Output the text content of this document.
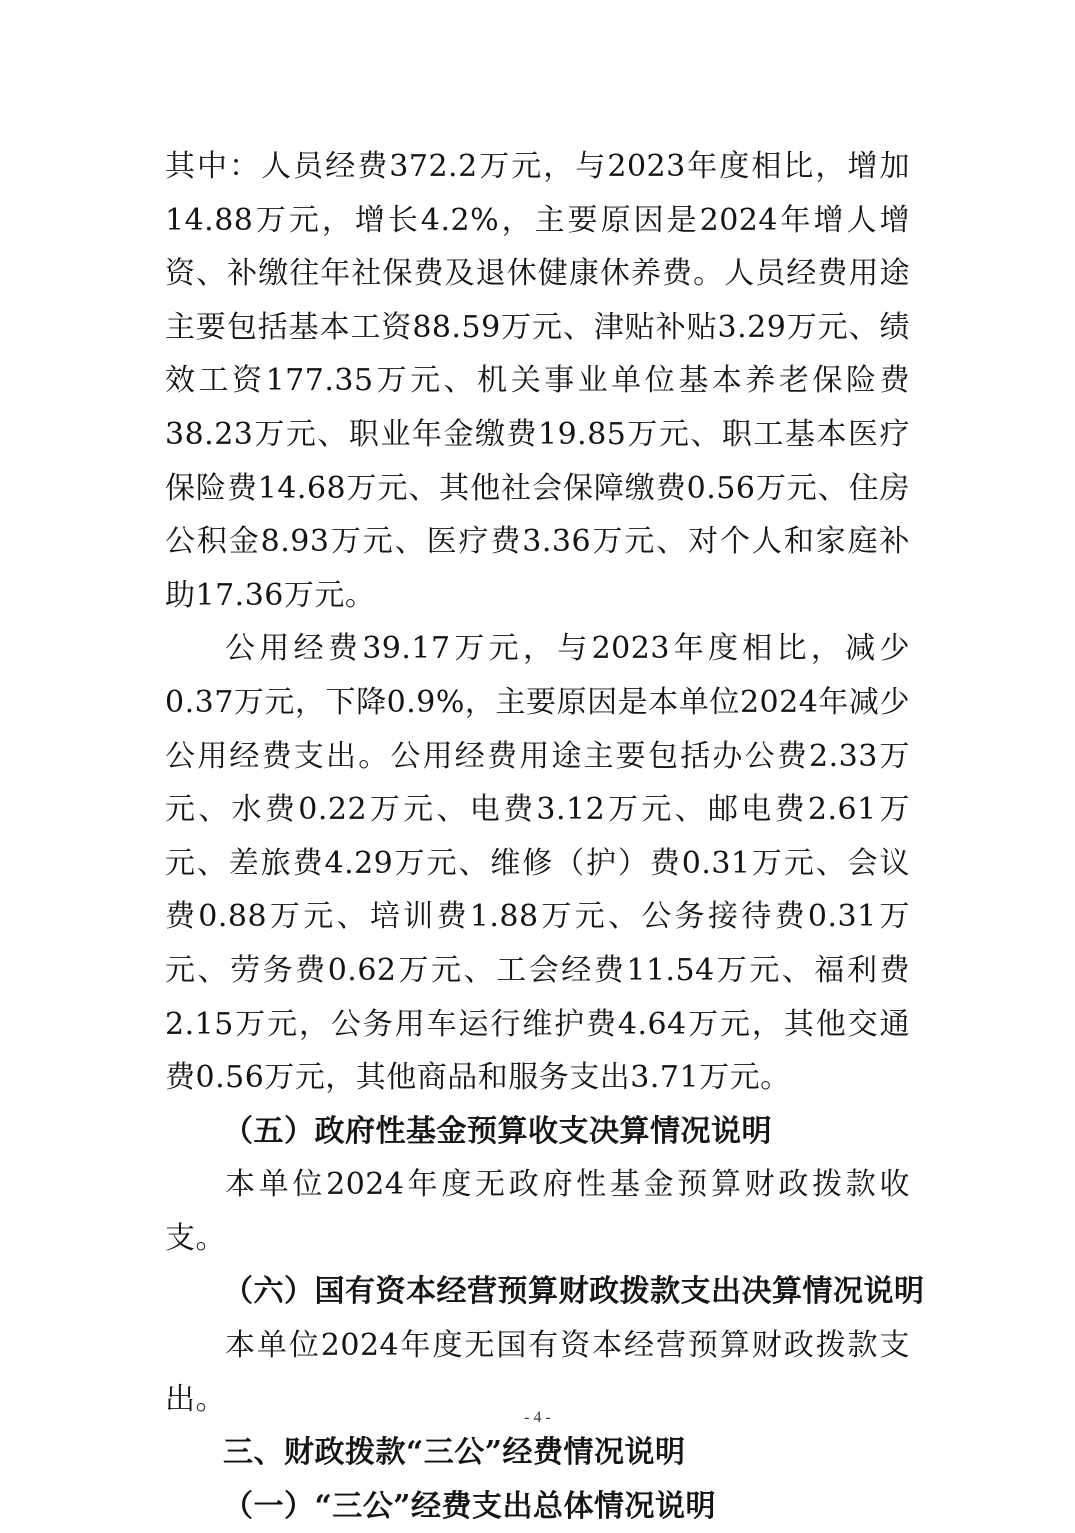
其中：人员经费372.2万元，与2023年度相比，增加14.88万元，增长4.2%，主要原因是2024年增人增资、补缴往年社保费及退休健康休养费。人员经费用途主要包括基本工资88.59万元、津贴补贴3.29万元、绩效工资177.35万元、机关事业单位基本养老保险费38.23万元、职业年金缴费19.85万元、职工基本医疗保险费14.68万元、其他社会保障缴费0.56万元、住房公积金8.93万元、医疗费3.36万元、对个人和家庭补助17.36万元。

公用经费39.17万元，与2023年度相比，减少0.37万元，下降0.9%，主要原因是本单位2024年减少公用经费支出。公用经费用途主要包括办公费2.33万元、水费0.22万元、电费3.12万元、邮电费2.61万元、差旅费4.29万元、维修（护）费0.31万元、会议费0.88万元、培训费1.88万元、公务接待费0.31万元、劳务费0.62万元、工会经费11.54万元、福利费2.15万元，公务用车运行维护费4.64万元，其他交通费0.56万元，其他商品和服务支出3.71万元。

（五）政府性基金预算收支决算情况说明

本单位2024年度无政府性基金预算财政拨款收支。

（六）国有资本经营预算财政拨款支出决算情况说明

本单位2024年度无国有资本经营预算财政拨款支出。

三、财政拨款“三公”经费情况说明

（一）“三公”经费支出总体情况说明

- 4 -
